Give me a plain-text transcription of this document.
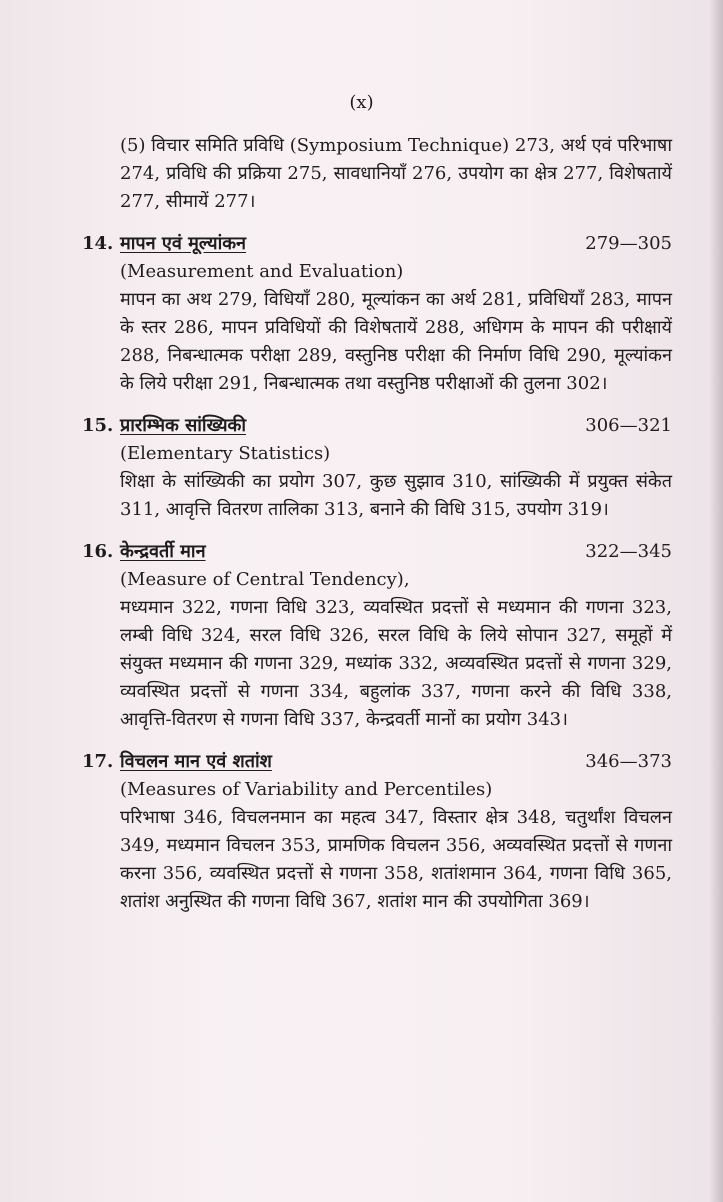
(x)

(5) विचार समिति प्रविधि (Symposium Technique) 273, अर्थ एवं परिभाषा 274, प्रविधि की प्रक्रिया 275, सावधानियाँ 276, उपयोग का क्षेत्र 277, विशेषतायें 277, सीमायें 277।

14. मापन एवं मूल्यांकन	279—305
(Measurement and Evaluation)

मापन का अथ 279, विधियाँ 280, मूल्यांकन का अर्थ 281, प्रविधियाँ 283, मापन के स्तर 286, मापन प्रविधियों की विशेषतायें 288, अधिगम के मापन की परीक्षायें 288, निबन्धात्मक परीक्षा 289, वस्तुनिष्ठ परीक्षा की निर्माण विधि 290, मूल्यांकन के लिये परीक्षा 291, निबन्धात्मक तथा वस्तुनिष्ठ परीक्षाओं की तुलना 302।

15. प्रारम्भिक सांख्यिकी	306—321
(Elementary Statistics)

शिक्षा के सांख्यिकी का प्रयोग 307, कुछ सुझाव 310, सांख्यिकी में प्रयुक्त संकेत 311, आवृत्ति वितरण तालिका 313, बनाने की विधि 315, उपयोग 319।

16. केन्द्रवर्ती मान	322—345
(Measure of Central Tendency),

मध्यमान 322, गणना विधि 323, व्यवस्थित प्रदत्तों से मध्यमान की गणना 323, लम्बी विधि 324, सरल विधि 326, सरल विधि के लिये सोपान 327, समूहों में संयुक्त मध्यमान की गणना 329, मध्यांक 332, अव्यवस्थित प्रदत्तों से गणना 329, व्यवस्थित प्रदत्तों से गणना 334, बहुलांक 337, गणना करने की विधि 338, आवृत्ति-वितरण से गणना विधि 337, केन्द्रवर्ती मानों का प्रयोग 343।

17. विचलन मान एवं शतांश	346—373
(Measures of Variability and Percentiles)

परिभाषा 346, विचलनमान का महत्व 347, विस्तार क्षेत्र 348, चतुर्थांश विचलन 349, मध्यमान विचलन 353, प्रामणिक विचलन 356, अव्यवस्थित प्रदत्तों से गणना करना 356, व्यवस्थित प्रदत्तों से गणना 358, शतांशमान 364, गणना विधि 365, शतांश अनुस्थित की गणना विधि 367, शतांश मान की उपयोगिता 369।
